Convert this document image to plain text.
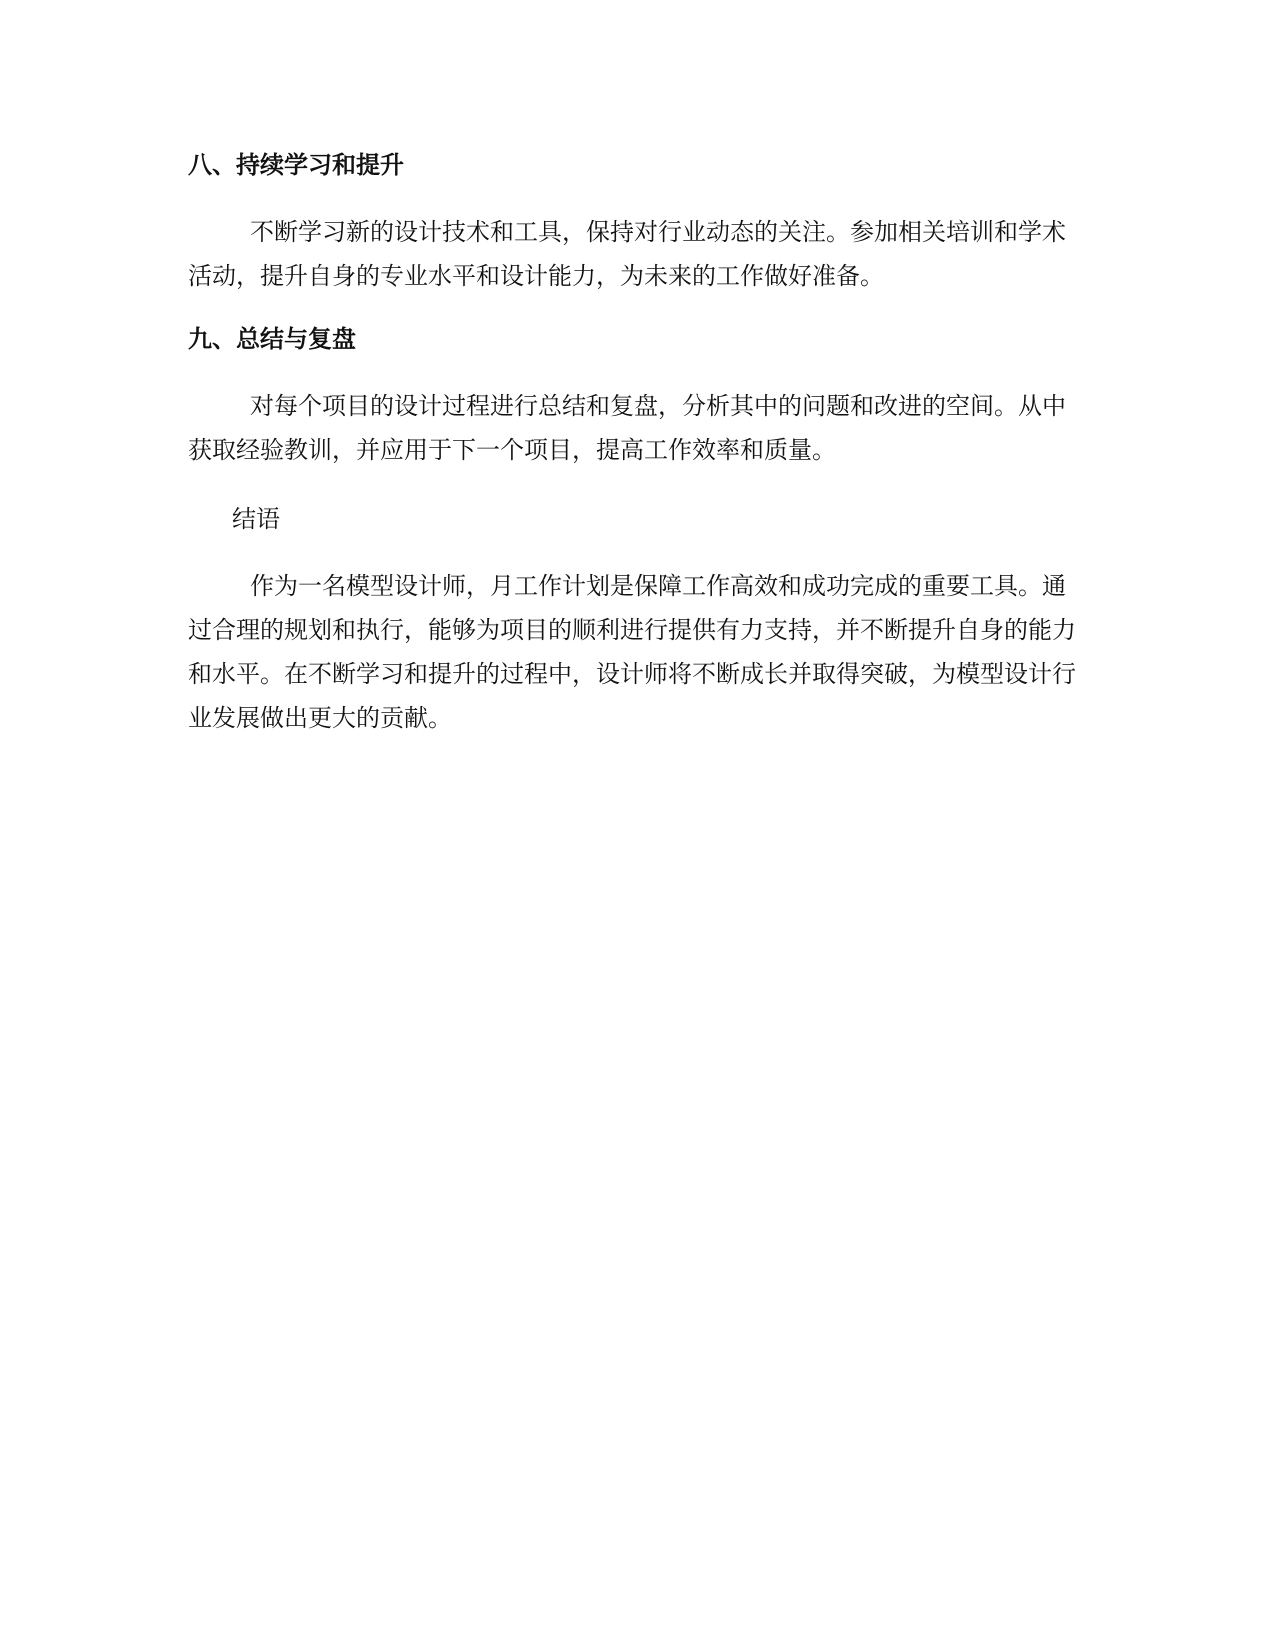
八、持续学习和提升

不断学习新的设计技术和工具，保持对行业动态的关注。参加相关培训和学术活动，提升自身的专业水平和设计能力，为未来的工作做好准备。

九、总结与复盘

对每个项目的设计过程进行总结和复盘，分析其中的问题和改进的空间。从中获取经验教训，并应用于下一个项目，提高工作效率和质量。

结语

作为一名模型设计师，月工作计划是保障工作高效和成功完成的重要工具。通过合理的规划和执行，能够为项目的顺利进行提供有力支持，并不断提升自身的能力和水平。在不断学习和提升的过程中，设计师将不断成长并取得突破，为模型设计行业发展做出更大的贡献。
